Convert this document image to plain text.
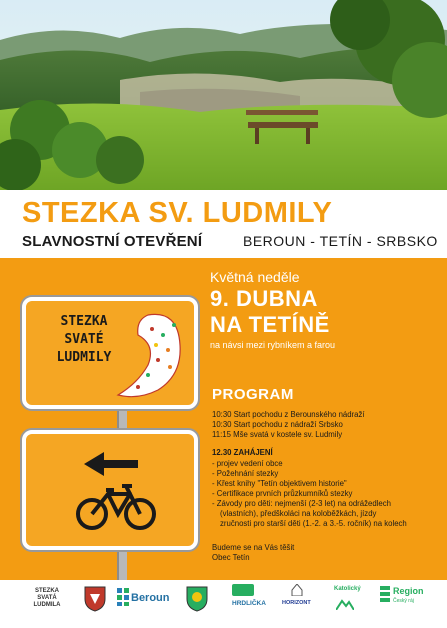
STEZKA SV. LUDMILY
SLAVNOSTNÍ OTEVŘENÍ	BEROUN - TETÍN - SRBSKO
STEZKA
SVATÉ
LUDMILY
Květná neděle
9. DUBNA
NA TETÍNĚ
na návsi mezi rybníkem a farou
PROGRAM
10:30 Start pochodu z Berounského nádraží
10:30 Start pochodu z nádraží Srbsko
11:15 Mše svatá v kostele sv. Ludmily
12.30 ZAHÁJENÍ
- projev vedení obce
- Požehnání stezky
- Křest knihy "Tetín objektivem historie"
- Certifikace prvních průzkumníků stezky
- Závody pro děti: nejmenší (2-3 let) na odrážedlech
(vlastních), předškoláci na koloběžkách, jízdy
zručnosti pro starší děti (1.-2. a 3.-5. ročník) na kolech
Budeme se na Vás těšit
Obec Tetín
STEZKA
SVATÁ
LUDMILA
Beroun	HRDLIČKA	HORIZONT
Katolický	Region
Český ráj
